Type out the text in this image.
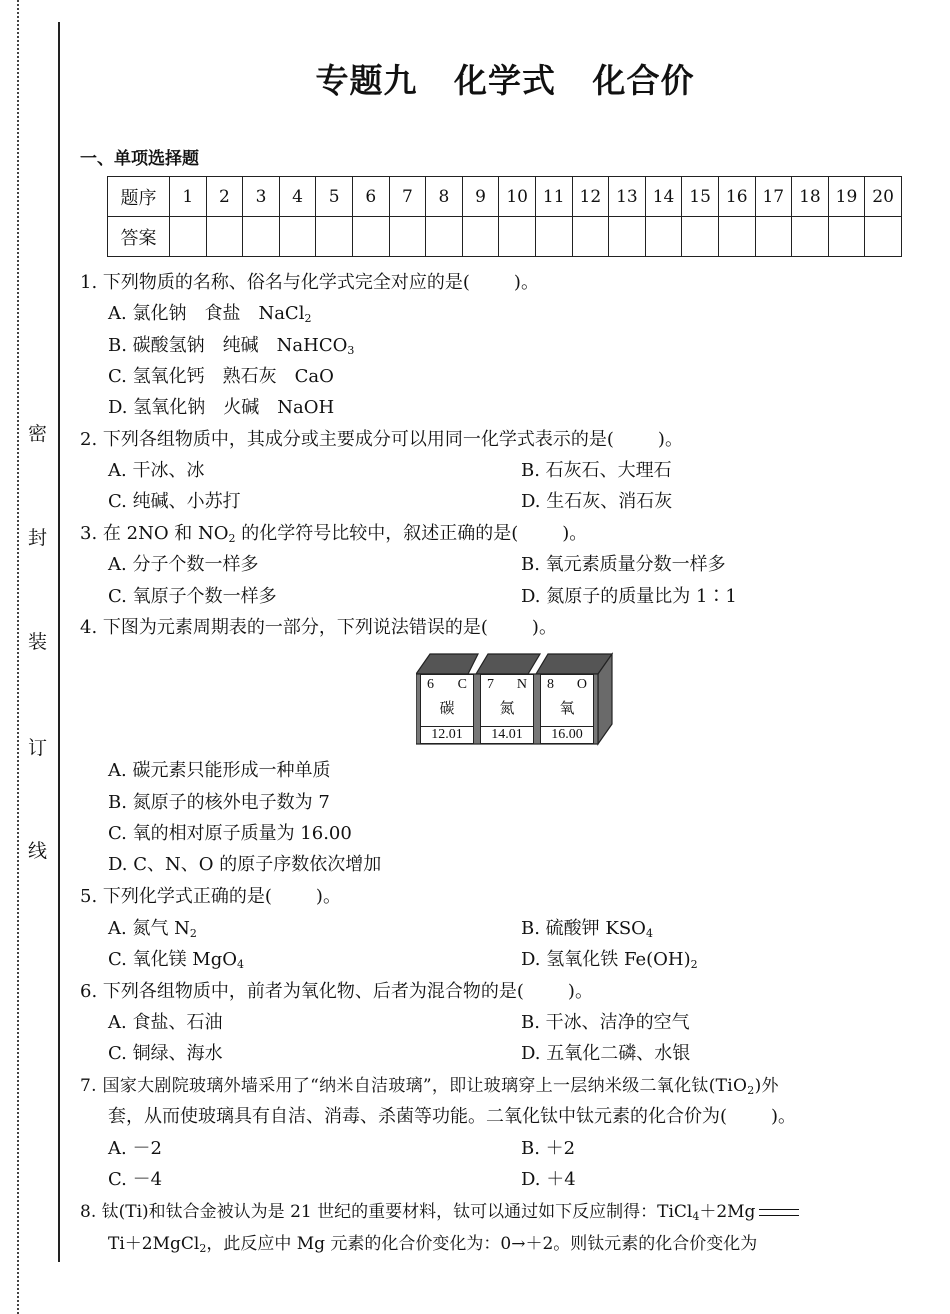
密
封
装
订
线
专题九 化学式 化合价
一、单项选择题
题序	1	2	3	4	5	6	7	8	9	10	11	12	13	14	15	16	17	18	19	20
答案																				
1. 下列物质的名称、俗名与化学式完全对应的是( )。
A. 氯化钠　食盐　NaCl$_2$
B. 碳酸氢钠　纯碱　NaHCO$_3$
C. 氢氧化钙　熟石灰　CaO
D. 氢氧化钠　火碱　NaOH
2. 下列各组物质中，其成分或主要成分可以用同一化学式表示的是( )。
A. 干冰、冰	B. 石灰石、大理石
C. 纯碱、小苏打	D. 生石灰、消石灰
3. 在 2NO 和 $NO_2$ 的化学符号比较中，叙述正确的是( )。
A. 分子个数一样多	B. 氧元素质量分数一样多
C. 氧原子个数一样多	D. 氮原子的质量比为 1∶1
4. 下图为元素周期表的一部分，下列说法错误的是( )。
6 C
碳
12.01
7 N
氮
14.01
8 O
氧
16.00
A. 碳元素只能形成一种单质
B. 氮原子的核外电子数为 7
C. 氧的相对原子质量为 16.00
D. C、N、O 的原子序数依次增加
5. 下列化学式正确的是( )。
A. 氮气 $N_2$	B. 硫酸钾 $KSO_4$
C. 氧化镁 MgO$_4$	D. 氢氧化铁 $Fe(OH)_2$
6. 下列各组物质中，前者为氧化物、后者为混合物的是( )。
A. 食盐、石油	B. 干冰、洁净的空气
C. 铜绿、海水	D. 五氧化二磷、水银
7. 国家大剧院玻璃外墙采用了“纳米自洁玻璃”，即让玻璃穿上一层纳米级二氧化钛(TiO$_2$)外
套，从而使玻璃具有自洁、消毒、杀菌等功能。二氧化钛中钛元素的化合价为( )。
A. －2	B. ＋2
C. －4	D. ＋4
8. 钛(Ti)和钛合金被认为是 21 世纪的重要材料，钛可以通过如下反应制得：TiCl$_4$＋2Mg
Ti＋2MgCl$_2$，此反应中 Mg 元素的化合价变化为：0→＋2。则钛元素的化合价变化为
